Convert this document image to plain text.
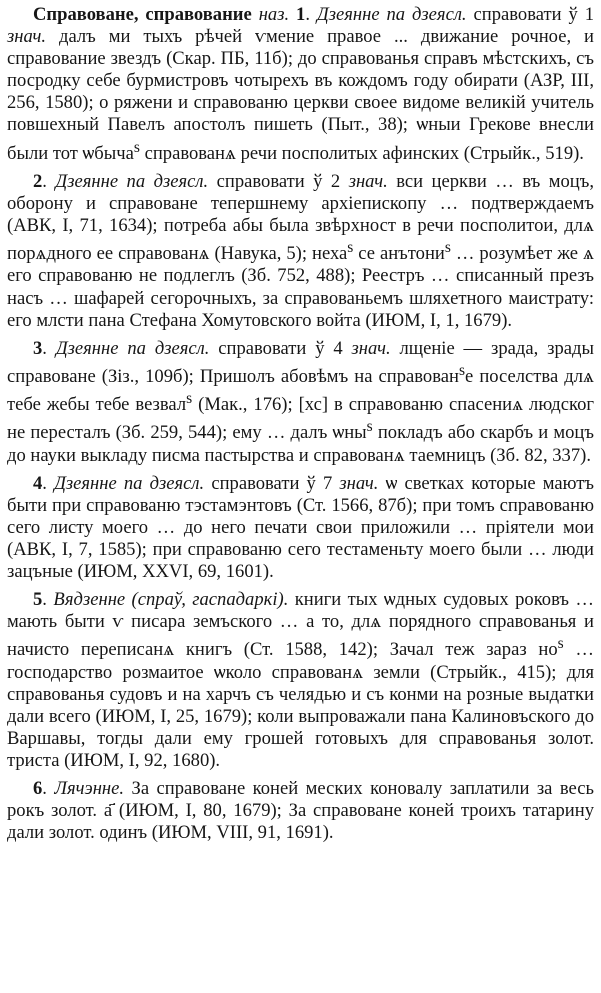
Справоване, справование наз. 1. Дзеянне па дзеясл. справовати ў 1 знач. далъ ми тыхъ рѣчей ѵмение правое ... движание рочное, и справование звездъ (Скар. ПБ, 11б); до справованья справъ мѣстскихъ, съ посродку себе бурмистровъ чотырехъ въ кождомъ году обирати (АЗР, III, 256, 1580); о ряжени и справованю церкви своее видоме великій учитель повшехный Павелъ апостолъ пишеть (Пыт., 38); ѡныи Грекове внесли были тот ѡбыча$^s$ справованѧ речи посполитых афинских (Стрыйк., 519).

2. Дзеянне па дзеясл. справовати ў 2 знач. вси церкви … въ моцъ, оборону и справоване тепершнему архіепископу … подтверждаемъ (АВК, I, 71, 1634); потреба абы была звѣрхност в речи посполитои, длѧ порѧдного ее справованѧ (Навука, 5); неха$^s$ се анътони$^s$ … розумѣет же ѧ его справованю не подлеглъ (Зб. 752, 488); Реестръ … списанный презъ насъ … шафарей сегорочныхъ, за справованьемъ шляхетного маистрату: его млсти пана Стефана Хомутовского войта (ИЮМ, I, 1, 1679).

3. Дзеянне па дзеясл. справовати ў 4 знач. лщеніе — зрада, зрады справоване (Зіз., 109б); Пришолъ абовѣмъ на справован$^s$е поселства длѧ тебе жебы тебе везвал$^s$ (Мак., 176); [хс] в справованю спасениѧ людског не пересталъ (Зб. 259, 544); ему … далъ ѡны$^s$ покладъ або скарбъ и моцъ до науки выкладу писма пастырства и справованѧ таемницъ (Зб. 82, 337).

4. Дзеянне па дзеясл. справовати ў 7 знач. ѡ светках которые маютъ быти при справованю тэстамэнтовъ (Ст. 1566, 87б); при томъ справованю сего листу моего … до него печати свои приложили … пріятели мои (АВК, I, 7, 1585); при справованю сего тестаменьту моего были … люди зацъные (ИЮМ, XXVI, 69, 1601).

5. Вядзенне (спраў, гаспадаркі). книги тых ѡдных судовых роковъ … мають быти ѵ писара земъского … а то, длѧ порядного справованья и начисто переписанѧ книгъ (Ст. 1588, 142); Зачал теж зараз $но^s$ … господарство розмаитое ѡколо справованѧ земли (Стрыйк., 415); для справованья судовъ и на харчъ съ челядью и съ конми на розные выдатки дали всего (ИЮМ, I, 25, 1679); коли выпроважали пана Калиновъского до Варшавы, тогды дали ему грошей готовыхъ для справованья золот. триста (ИЮМ, I, 92, 1680).

6. Лячэнне. За справоване коней меских коновалу заплатили за весь рокъ золот. а҃ (ИЮМ, I, 80, 1679); За справоване коней троихъ татарину дали золот. одинъ (ИЮМ, VIII, 91, 1691).
